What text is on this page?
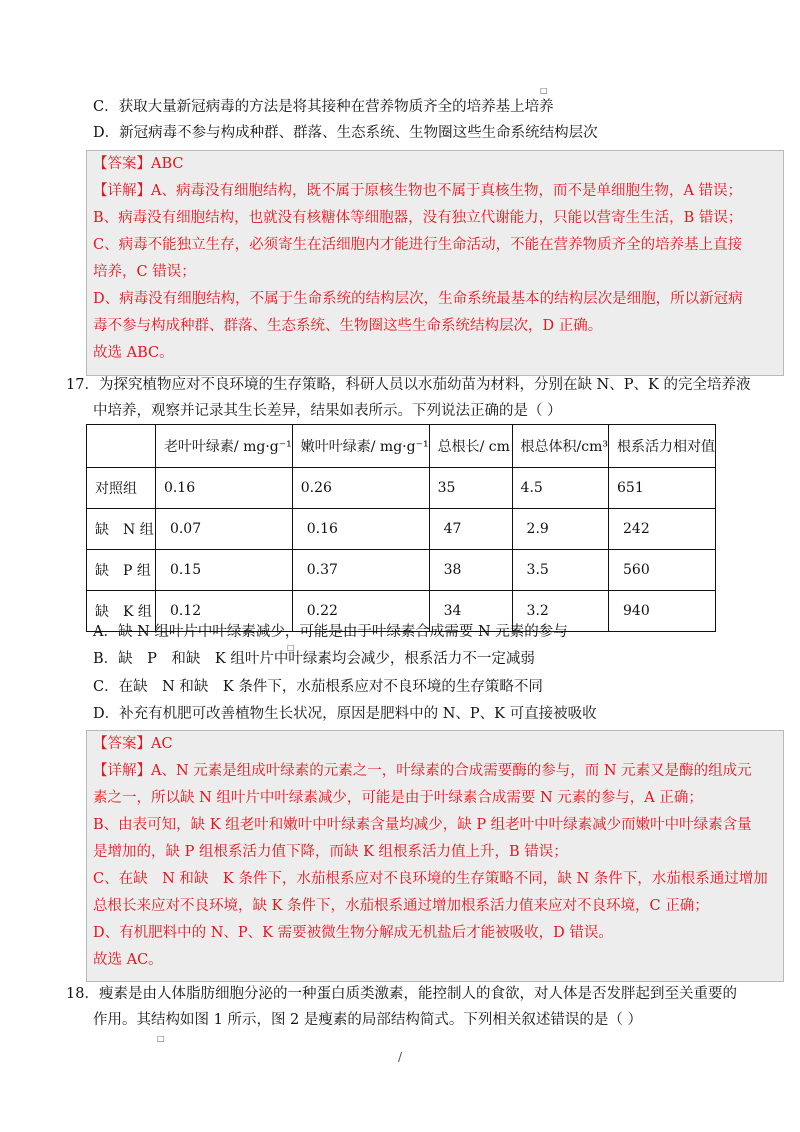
□
□
□
C．获取大量新冠病毒的方法是将其接种在营养物质齐全的培养基上培养
D．新冠病毒不参与构成种群、群落、生态系统、生物圈这些生命系统结构层次
【答案】ABC
【详解】A、病毒没有细胞结构，既不属于原核生物也不属于真核生物，而不是单细胞生物，A 错误；
B、病毒没有细胞结构，也就没有核糖体等细胞器，没有独立代谢能力，只能以营寄生生活，B 错误；
C、病毒不能独立生存，必须寄生在活细胞内才能进行生命活动，不能在营养物质齐全的培养基上直接
培养，C 错误；
D、病毒没有细胞结构，不属于生命系统的结构层次，生命系统最基本的结构层次是细胞，所以新冠病
毒不参与构成种群、群落、生态系统、生物圈这些生命系统结构层次，D 正确。
故选 ABC。
17．为探究植物应对不良环境的生存策略，科研人员以水茄幼苗为材料，分别在缺 N、P、K 的完全培养液
中培养，观察并记录其生长差异，结果如表所示。下列说法正确的是（ ）
	老叶叶绿素/ mg·g⁻¹	嫩叶叶绿素/ mg·g⁻¹	总根长/ cm	根总体积/cm³	根系活力相对值
对照组	0.16	0.26	35	4.5	651
缺　N 组	0.07	0.16	47	2.9	242
缺　P 组	0.15	0.37	38	3.5	560
缺　K 组	0.12	0.22	34	3.2	940
A．缺 N 组叶片中叶绿素减少，可能是由于叶绿素合成需要 N 元素的参与
B．缺　P　和缺　K 组叶片中叶绿素均会减少，根系活力不一定减弱
C．在缺　N 和缺　K 条件下，水茄根系应对不良环境的生存策略不同
D．补充有机肥可改善植物生长状况，原因是肥料中的 N、P、K 可直接被吸收
【答案】AC
【详解】A、N 元素是组成叶绿素的元素之一，叶绿素的合成需要酶的参与，而 N 元素又是酶的组成元
素之一，所以缺 N 组叶片中叶绿素减少，可能是由于叶绿素合成需要 N 元素的参与，A 正确；
B、由表可知，缺 K 组老叶和嫩叶中叶绿素含量均减少，缺 P 组老叶中叶绿素减少而嫩叶中叶绿素含量
是增加的，缺 P 组根系活力值下降，而缺 K 组根系活力值上升，B 错误；
C、在缺　N 和缺　K 条件下，水茄根系应对不良环境的生存策略不同，缺 N 条件下，水茄根系通过增加
总根长来应对不良环境，缺 K 条件下，水茄根系通过增加根系活力值来应对不良环境，C 正确；
D、有机肥料中的 N、P、K 需要被微生物分解成无机盐后才能被吸收，D 错误。
故选 AC。
18．瘦素是由人体脂肪细胞分泌的一种蛋白质类激素，能控制人的食欲，对人体是否发胖起到至关重要的
作用。其结构如图 1 所示，图 2 是瘦素的局部结构简式。下列相关叙述错误的是（ ）
/
